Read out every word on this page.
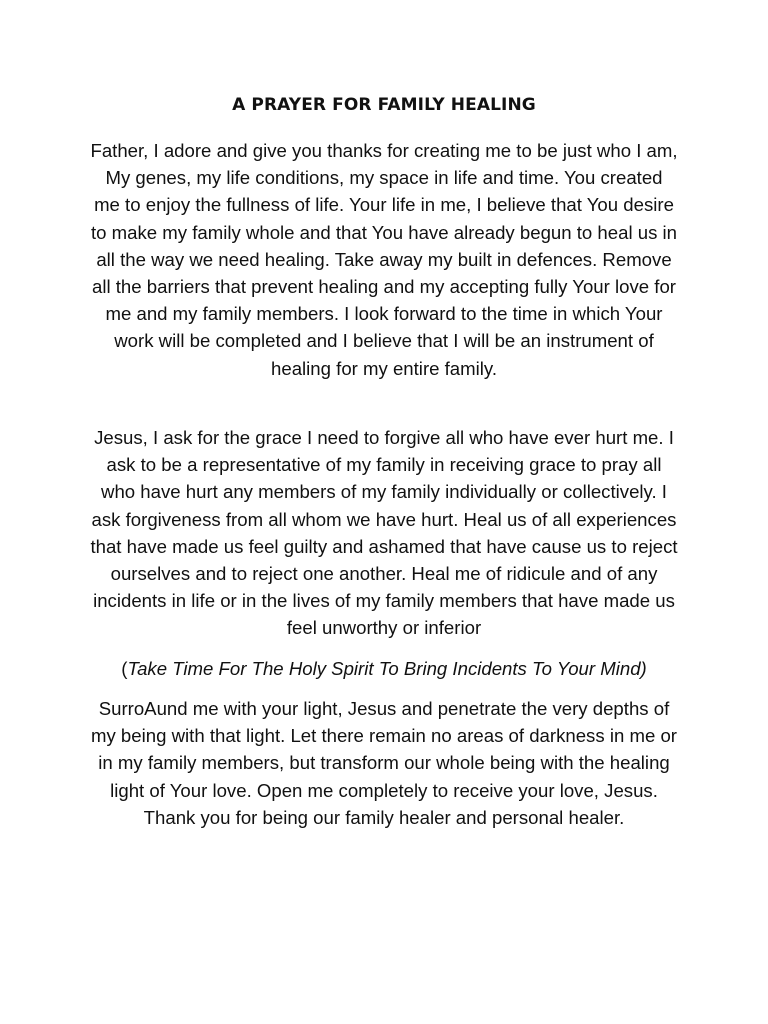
A PRAYER FOR FAMILY HEALING

Father, I adore and give you thanks for creating me to be just who I am, My genes, my life conditions, my space in life and time. You created me to enjoy the fullness of life. Your life in me, I believe that You desire to make my family whole and that You have already begun to heal us in all the way we need healing. Take away my built in defences. Remove all the barriers that prevent healing and my accepting fully Your love for me and my family members. I look forward to the time in which Your work will be completed and I believe that I will be an instrument of healing for my entire family.

Jesus, I ask for the grace I need to forgive all who have ever hurt me. I ask to be a representative of my family in receiving grace to pray all who have hurt any members of my family individually or collectively. I ask forgiveness from all whom we have hurt. Heal us of all experiences that have made us feel guilty and ashamed that have cause us to reject ourselves and to reject one another. Heal me of ridicule and of any incidents in life or in the lives of my family members that have made us feel unworthy or inferior

(Take Time For The Holy Spirit To Bring Incidents To Your Mind)

SurroAund me with your light, Jesus and penetrate the very depths of my being with that light. Let there remain no areas of darkness in me or in my family members, but transform our whole being with the healing light of Your love. Open me completely to receive your love, Jesus. Thank you for being our family healer and personal healer.
